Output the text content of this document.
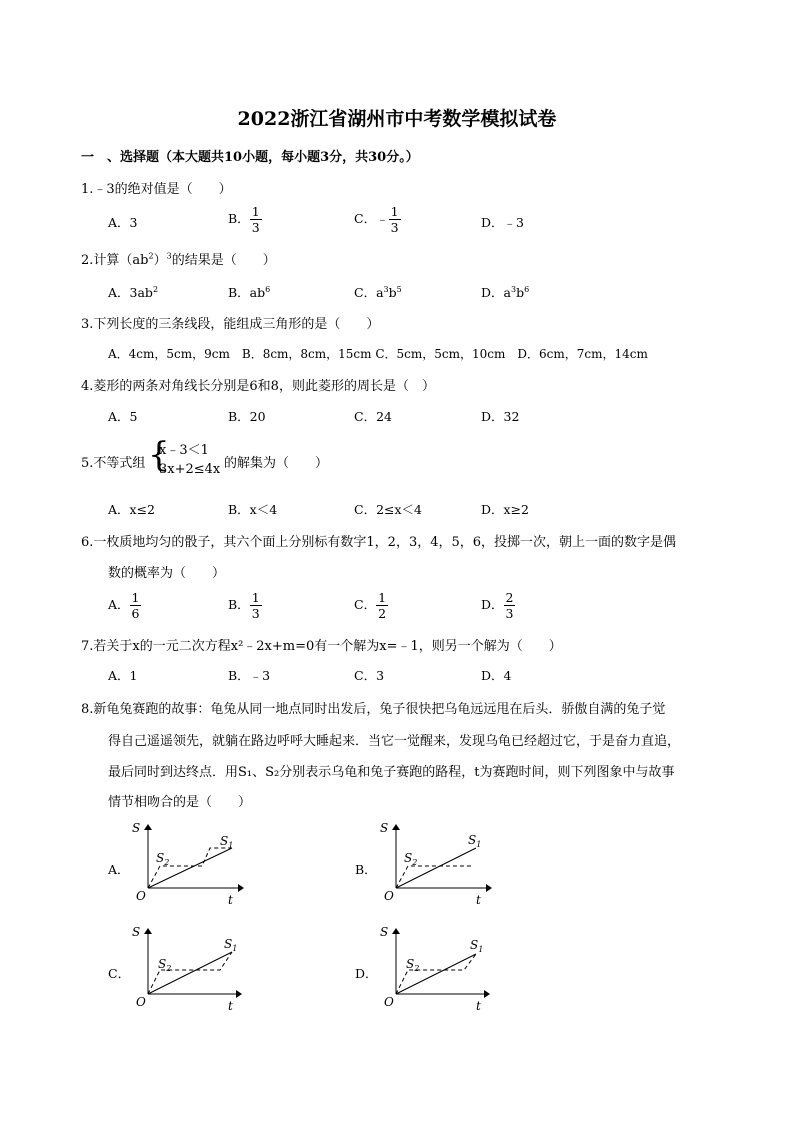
2022浙江省湖州市中考数学模拟试卷
一　、选择题（本大题共10小题，每小题3分，共30分。）
1.﹣3的绝对值是（　　）
A．3	B． $\frac{1}{3}$	C．﹣ $\frac{1}{3}$	D．﹣3
2.计算$(ab^2)^3$的结果是（　　）
A．$3ab^2$	B．$ab^6$	C．$a^3b^5$	D．$a^3b^6$
3.下列长度的三条线段，能组成三角形的是（　　）
A．4cm，5cm，9cm　B．8cm，8cm，15cm C．5cm，5cm，10cm　D．6cm，7cm，14cm
4.菱形的两条对角线长分别是6和8，则此菱形的周长是（　）
A．5	B．20	C．24	D．32
5.不等式组 {
x﹣3＜1
3x+2≤4x 的解集为（　　）
A．x≤2	B．x＜4	C．2≤x＜4	D．x≥2
6.一枚质地均匀的骰子，其六个面上分别标有数字1，2，3，4，5，6，投掷一次，朝上一面的数字是偶
数的概率为（　　）
A． $\frac{1}{6}$	B． $\frac{1}{3}$	C． $\frac{1}{2}$	D． $\frac{2}{3}$
7.若关于x的一元二次方程x²﹣2x+m=0有一个解为x=﹣1，则另一个解为（　　）
A．1	B．﹣3	C．3	D．4
8.新龟兔赛跑的故事：龟兔从同一地点同时出发后，兔子很快把乌龟远远甩在后头．骄傲自满的兔子觉
得自己遥遥领先，就躺在路边呼呼大睡起来．当它一觉醒来，发现乌龟已经超过它，于是奋力直追，
最后同时到达终点．用S₁、S₂分别表示乌龟和兔子赛跑的路程，t为赛跑时间，则下列图象中与故事
情节相吻合的是（　　）
A．	B．
C．	D．
S
t
O
$S_1$
$S_2$
S
t
O
$S_1$
$S_2$
S
t
O
$S_1$
$S_2$
S
t
O
$S_1$
$S_2$
